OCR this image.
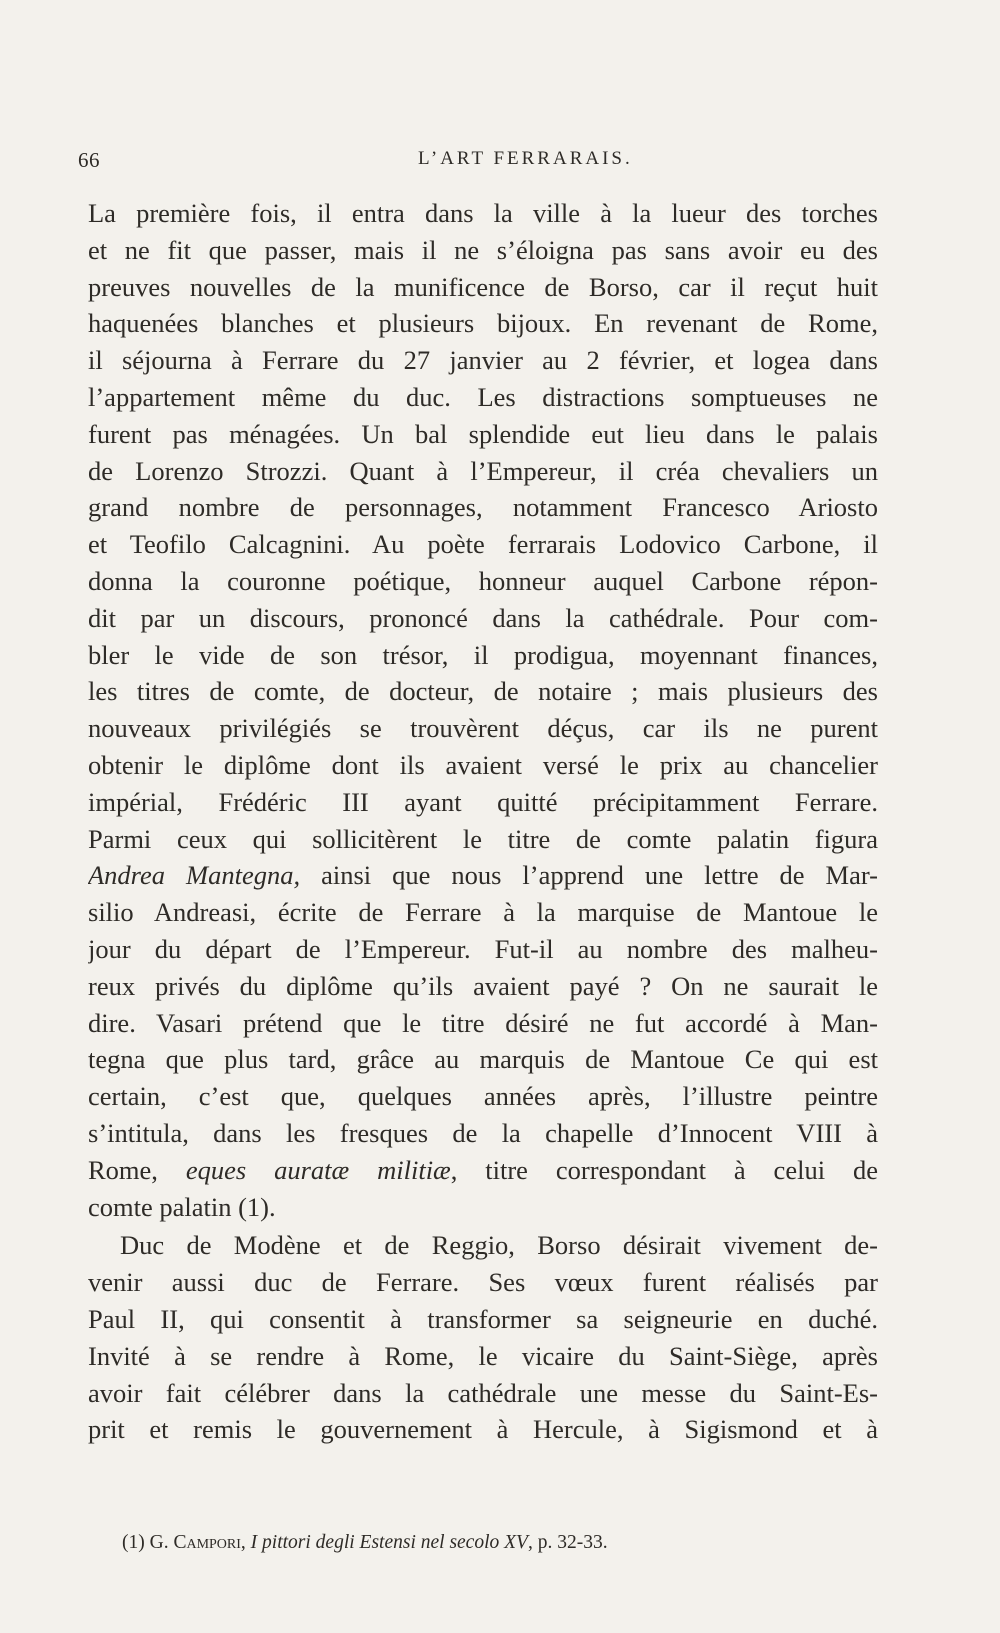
66	L’ART FERRARAIS.
La première fois, il entra dans la ville à la lueur des torches
et ne fit que passer, mais il ne s’éloigna pas sans avoir eu des
preuves nouvelles de la munificence de Borso, car il reçut huit
haquenées blanches et plusieurs bijoux. En revenant de Rome,
il séjourna à Ferrare du 27 janvier au 2 février, et logea dans
l’appartement même du duc. Les distractions somptueuses ne
furent pas ménagées. Un bal splendide eut lieu dans le palais
de Lorenzo Strozzi. Quant à l’Empereur, il créa chevaliers un
grand nombre de personnages, notamment Francesco Ariosto
et Teofilo Calcagnini. Au poète ferrarais Lodovico Carbone, il
donna la couronne poétique, honneur auquel Carbone répon-
dit par un discours, prononcé dans la cathédrale. Pour com-
bler le vide de son trésor, il prodigua, moyennant finances,
les titres de comte, de docteur, de notaire ; mais plusieurs des
nouveaux privilégiés se trouvèrent déçus, car ils ne purent
obtenir le diplôme dont ils avaient versé le prix au chancelier
impérial, Frédéric III ayant quitté précipitamment Ferrare.
Parmi ceux qui sollicitèrent le titre de comte palatin figura
Andrea Mantegna, ainsi que nous l’apprend une lettre de Mar-
silio Andreasi, écrite de Ferrare à la marquise de Mantoue le
jour du départ de l’Empereur. Fut-il au nombre des malheu-
reux privés du diplôme qu’ils avaient payé ? On ne saurait le
dire. Vasari prétend que le titre désiré ne fut accordé à Man-
tegna que plus tard, grâce au marquis de Mantoue Ce qui est
certain, c’est que, quelques années après, l’illustre peintre
s’intitula, dans les fresques de la chapelle d’Innocent VIII à
Rome, eques auratæ militiæ, titre correspondant à celui de
comte palatin (1).
Duc de Modène et de Reggio, Borso désirait vivement de-
venir aussi duc de Ferrare. Ses vœux furent réalisés par
Paul II, qui consentit à transformer sa seigneurie en duché.
Invité à se rendre à Rome, le vicaire du Saint-Siège, après
avoir fait célébrer dans la cathédrale une messe du Saint-Es-
prit et remis le gouvernement à Hercule, à Sigismond et à
(1) G. Campori, I pittori degli Estensi nel secolo XV, p. 32-33.
